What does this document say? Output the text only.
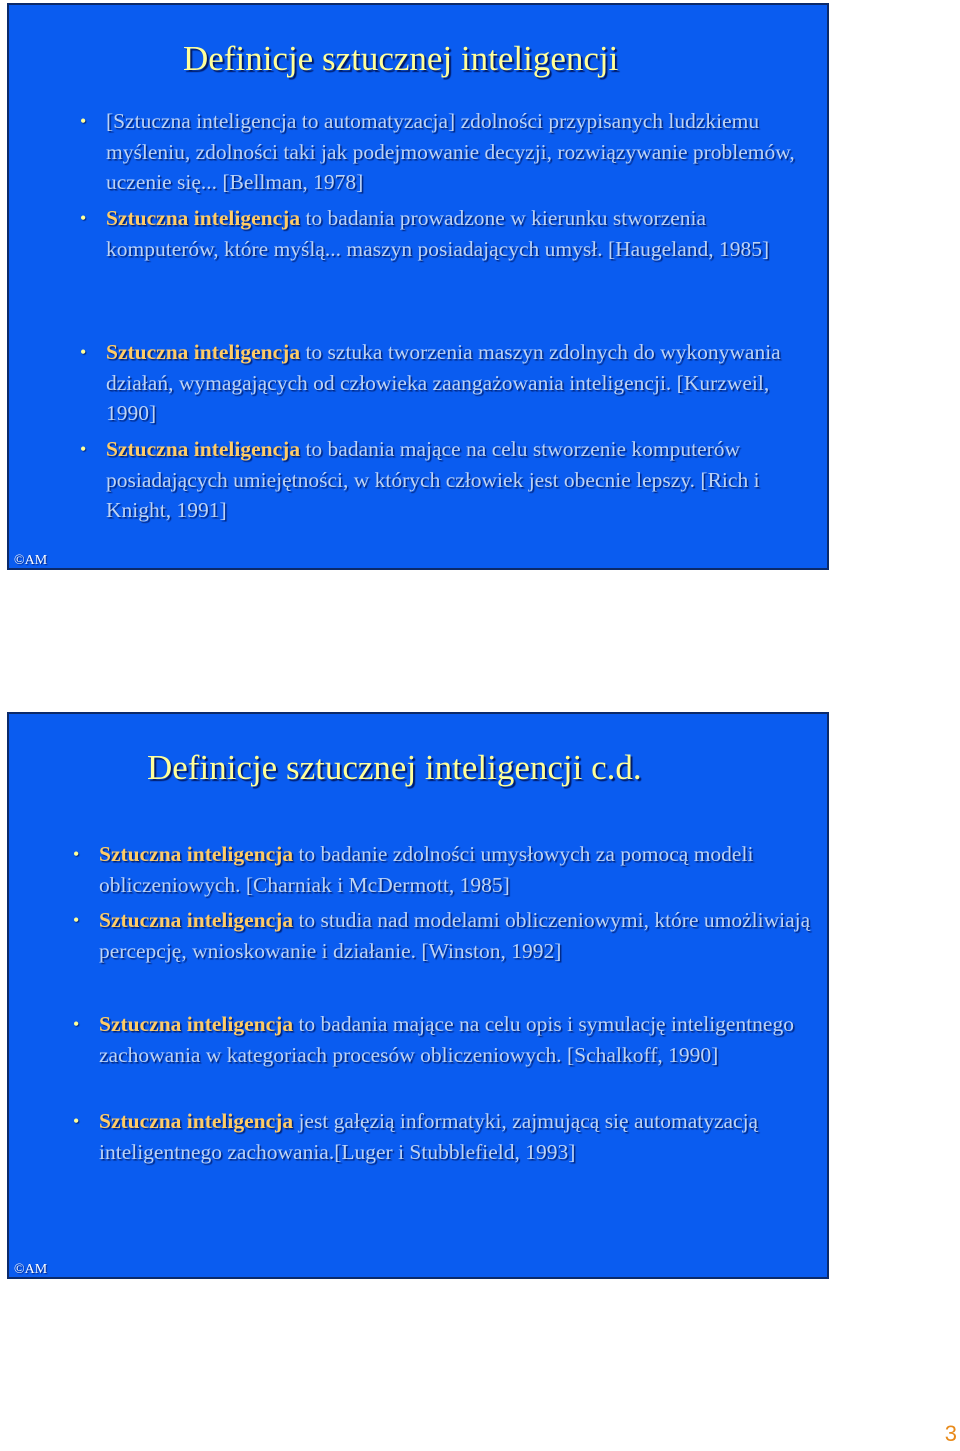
Definicje sztucznej inteligencji
• [Sztuczna inteligencja to automatyzacja] zdolności przypisanych ludzkiemu myśleniu, zdolności taki jak podejmowanie decyzji, rozwiązywanie problemów, uczenie się... [Bellman, 1978]
• Sztuczna inteligencja to badania prowadzone w kierunku stworzenia komputerów, które myślą... maszyn posiadających umysł. [Haugeland, 1985]
• Sztuczna inteligencja to sztuka tworzenia maszyn zdolnych do wykonywania działań, wymagających od człowieka zaangażowania inteligencji. [Kurzweil, 1990]
• Sztuczna inteligencja to badania mające na celu stworzenie komputerów posiadających umiejętności, w których człowiek jest obecnie lepszy. [Rich i Knight, 1991]
©AM
Definicje sztucznej inteligencji c.d.
• Sztuczna inteligencja to badanie zdolności umysłowych za pomocą modeli obliczeniowych. [Charniak i McDermott, 1985]
• Sztuczna inteligencja to studia nad modelami obliczeniowymi, które umożliwiają percepcję, wnioskowanie i działanie. [Winston, 1992]
• Sztuczna inteligencja to badania mające na celu opis i symulację inteligentnego zachowania w kategoriach procesów obliczeniowych. [Schalkoff, 1990]
• Sztuczna inteligencja jest gałęzią informatyki, zajmującą się automatyzacją inteligentnego zachowania.[Luger i Stubblefield, 1993]
©AM
3
